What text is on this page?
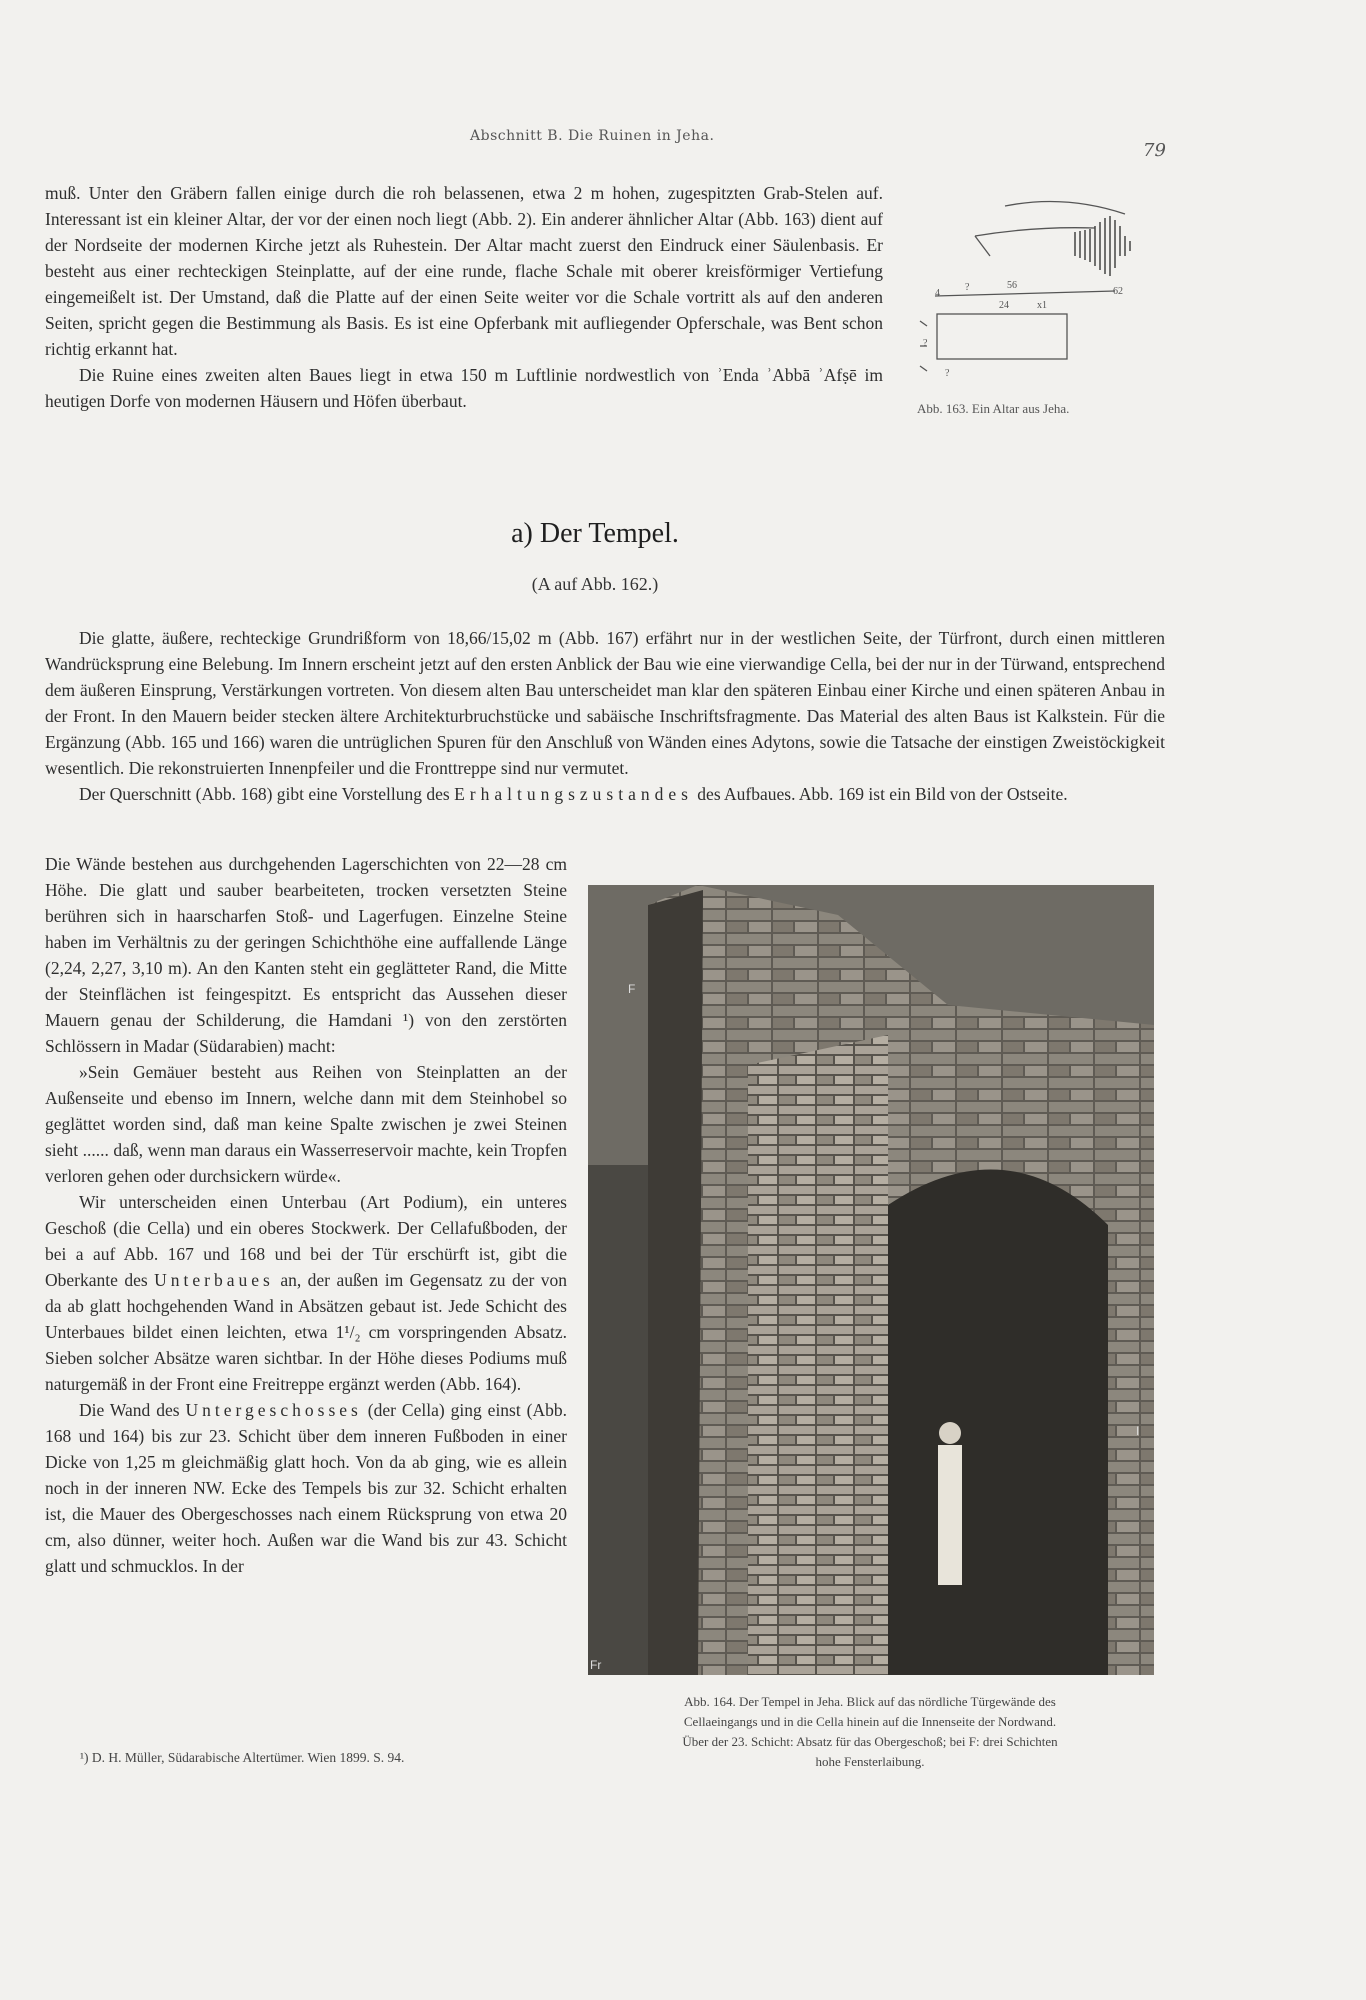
Abschnitt B. Die Ruinen in Jeha.
79

muß. Unter den Gräbern fallen einige durch die roh belassenen, etwa 2 m hohen, zugespitzten Grab-Stelen auf. Interessant ist ein kleiner Altar, der vor der einen noch liegt (Abb. 2). Ein anderer ähnlicher Altar (Abb. 163) dient auf der Nordseite der modernen Kirche jetzt als Ruhestein. Der Altar macht zuerst den Eindruck einer Säulenbasis. Er besteht aus einer rechteckigen Steinplatte, auf der eine runde, flache Schale mit oberer kreisförmiger Vertiefung eingemeißelt ist. Der Umstand, daß die Platte auf der einen Seite weiter vor die Schale vortritt als auf den anderen Seiten, spricht gegen die Bestimmung als Basis. Es ist eine Opferbank mit aufliegender Opferschale, was Bent schon richtig erkannt hat.

Die Ruine eines zweiten alten Baues liegt in etwa 150 m Luftlinie nordwestlich von ʾEnda ʾAbbā ʾAfṣē im heutigen Dorfe von modernen Häusern und Höfen überbaut.

4
?	56
24	x1
62
?
?
Abb. 163. Ein Altar aus Jeha.
a) Der Tempel.
(A auf Abb. 162.)

Die glatte, äußere, rechteckige Grundrißform von 18,66/15,02 m (Abb. 167) erfährt nur in der westlichen Seite, der Türfront, durch einen mittleren Wandrücksprung eine Belebung. Im Innern erscheint jetzt auf den ersten Anblick der Bau wie eine vierwandige Cella, bei der nur in der Türwand, entsprechend dem äußeren Einsprung, Verstärkungen vortreten. Von diesem alten Bau unterscheidet man klar den späteren Einbau einer Kirche und einen späteren Anbau in der Front. In den Mauern beider stecken ältere Architekturbruchstücke und sabäische Inschriftsfragmente. Das Material des alten Baus ist Kalkstein. Für die Ergänzung (Abb. 165 und 166) waren die untrüglichen Spuren für den Anschluß von Wänden eines Adytons, sowie die Tatsache der einstigen Zweistöckigkeit wesentlich. Die rekonstruierten Innenpfeiler und die Fronttreppe sind nur vermutet.

Der Querschnitt (Abb. 168) gibt eine Vorstellung des Erhaltungszustandes des Aufbaues. Abb. 169 ist ein Bild von der Ostseite.

Die Wände bestehen aus durchgehenden Lagerschichten von 22—28 cm Höhe. Die glatt und sauber bearbeiteten, trocken versetzten Steine berühren sich in haarscharfen Stoß- und Lagerfugen. Einzelne Steine haben im Verhältnis zu der geringen Schichthöhe eine auffallende Länge (2,24, 2,27, 3,10 m). An den Kanten steht ein geglätteter Rand, die Mitte der Steinflächen ist feingespitzt. Es entspricht das Aussehen dieser Mauern genau der Schilderung, die Hamdani ¹) von den zerstörten Schlössern in Madar (Südarabien) macht:

»Sein Gemäuer besteht aus Reihen von Steinplatten an der Außenseite und ebenso im Innern, welche dann mit dem Steinhobel so geglättet worden sind, daß man keine Spalte zwischen je zwei Steinen sieht ...... daß, wenn man daraus ein Wasserreservoir machte, kein Tropfen verloren gehen oder durchsickern würde«.

Wir unterscheiden einen Unterbau (Art Podium), ein unteres Geschoß (die Cella) und ein oberes Stockwerk. Der Cellafußboden, der bei a auf Abb. 167 und 168 und bei der Tür erschürft ist, gibt die Oberkante des Unterbaues an, der außen im Gegensatz zu der von da ab glatt hochgehenden Wand in Absätzen gebaut ist. Jede Schicht des Unterbaues bildet einen leichten, etwa 1¹/₂ cm vorspringenden Absatz. Sieben solcher Absätze waren sichtbar. In der Höhe dieses Podiums muß naturgemäß in der Front eine Freitreppe ergänzt werden (Abb. 164).

Die Wand des Untergeschosses (der Cella) ging einst (Abb. 168 und 164) bis zur 23. Schicht über dem inneren Fußboden in einer Dicke von 1,25 m gleichmäßig glatt hoch. Von da ab ging, wie es allein noch in der inneren NW. Ecke des Tempels bis zur 32. Schicht erhalten ist, die Mauer des Obergeschosses nach einem Rücksprung von etwa 20 cm, also dünner, weiter hoch. Außen war die Wand bis zur 43. Schicht glatt und schmucklos. In der

F
Fr
I
Abb. 164. Der Tempel in Jeha. Blick auf das nördliche Türgewände des
Cellaeingangs und in die Cella hinein auf die Innenseite der Nordwand.
Über der 23. Schicht: Absatz für das Obergeschoß; bei F: drei Schichten
hohe Fensterlaibung.
¹) D. H. Müller, Südarabische Altertümer. Wien 1899. S. 94.
